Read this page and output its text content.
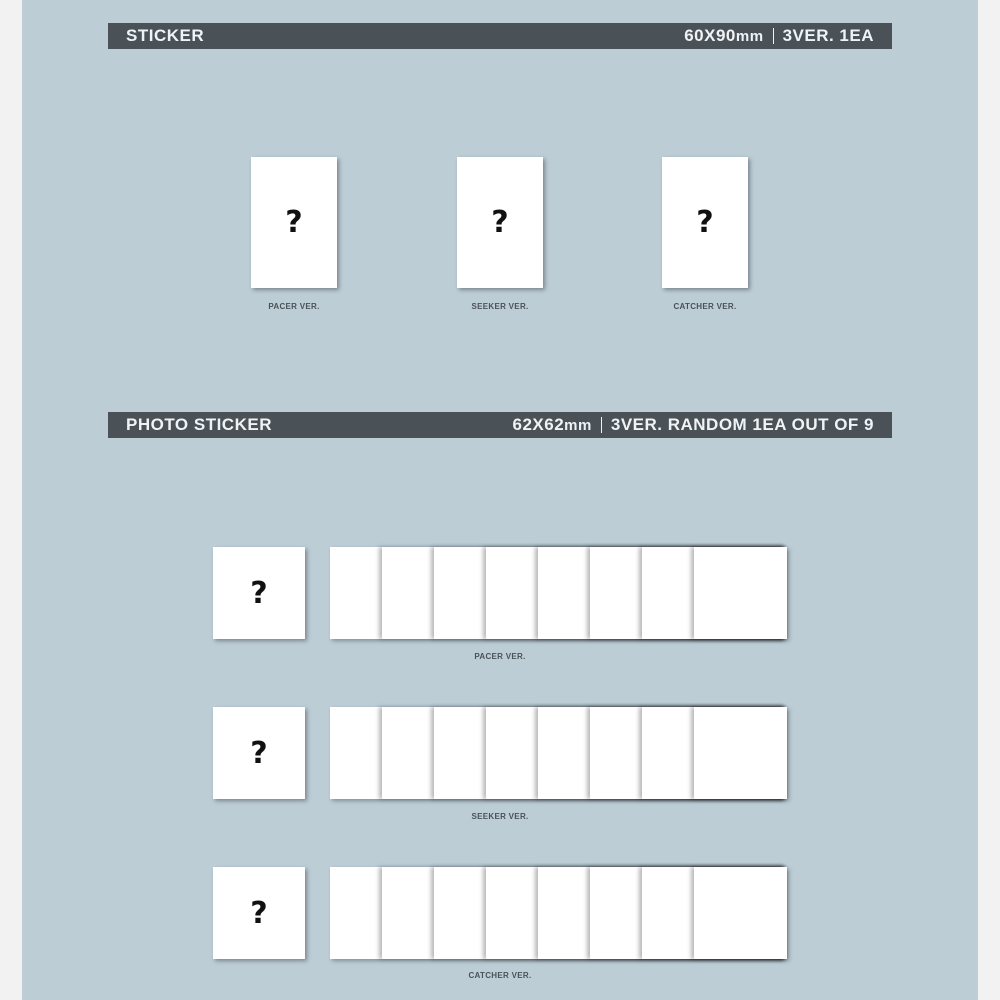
STICKER	60X90mm 3VER. 1EA
?
PACER VER.
?
SEEKER VER.
?
CATCHER VER.
PHOTO STICKER	62X62mm 3VER. RANDOM 1EA OUT OF 9
?
PACER VER.
?
SEEKER VER.
?
CATCHER VER.
